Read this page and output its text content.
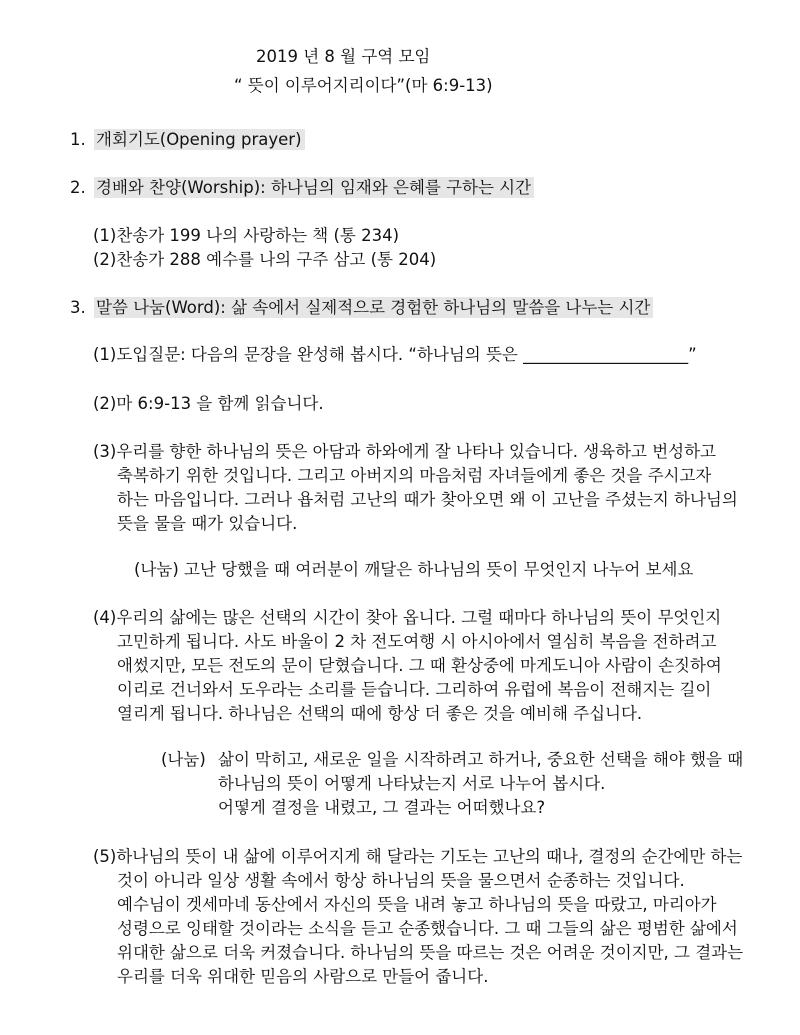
2019 년 8 월 구역 모임
“ 뜻이 이루어지리이다”(마 6:9-13)
1. 개회기도(Opening prayer)
2. 경배와 찬양(Worship): 하나님의 임재와 은혜를 구하는 시간
(1)찬송가 199 나의 사랑하는 책 (통 234)
(2)찬송가 288 예수를 나의 구주 삼고 (통 204)
3. 말씀 나눔(Word): 삶 속에서 실제적으로 경험한 하나님의 말씀을 나누는 시간
(1)도입질문: 다음의 문장을 완성해 봅시다. “하나님의 뜻은 ____________________”
(2)마 6:9-13 을 함께 읽습니다.
(3)우리를 향한 하나님의 뜻은 아담과 하와에게 잘 나타나 있습니다. 생육하고 번성하고
축복하기 위한 것입니다. 그리고 아버지의 마음처럼 자녀들에게 좋은 것을 주시고자
하는 마음입니다. 그러나 욥처럼 고난의 때가 찾아오면 왜 이 고난을 주셨는지 하나님의
뜻을 물을 때가 있습니다.
(나눔) 고난 당했을 때 여러분이 깨달은 하나님의 뜻이 무엇인지 나누어 보세요
(4)우리의 삶에는 많은 선택의 시간이 찾아 옵니다. 그럴 때마다 하나님의 뜻이 무엇인지
고민하게 됩니다. 사도 바울이 2 차 전도여행 시 아시아에서 열심히 복음을 전하려고
애썼지만, 모든 전도의 문이 닫혔습니다. 그 때 환상중에 마게도니아 사람이 손짓하여
이리로 건너와서 도우라는 소리를 듣습니다. 그리하여 유럽에 복음이 전해지는 길이
열리게 됩니다. 하나님은 선택의 때에 항상 더 좋은 것을 예비해 주십니다.
(나눔) 삶이 막히고, 새로운 일을 시작하려고 하거나, 중요한 선택을 해야 했을 때
하나님의 뜻이 어떻게 나타났는지 서로 나누어 봅시다.
어떻게 결정을 내렸고, 그 결과는 어떠했나요?
(5)하나님의 뜻이 내 삶에 이루어지게 해 달라는 기도는 고난의 때나, 결정의 순간에만 하는
것이 아니라 일상 생활 속에서 항상 하나님의 뜻을 물으면서 순종하는 것입니다.
예수님이 겟세마네 동산에서 자신의 뜻을 내려 놓고 하나님의 뜻을 따랐고, 마리아가
성령으로 잉태할 것이라는 소식을 듣고 순종했습니다. 그 때 그들의 삶은 평범한 삶에서
위대한 삶으로 더욱 커졌습니다. 하나님의 뜻을 따르는 것은 어려운 것이지만, 그 결과는
우리를 더욱 위대한 믿음의 사람으로 만들어 줍니다.
